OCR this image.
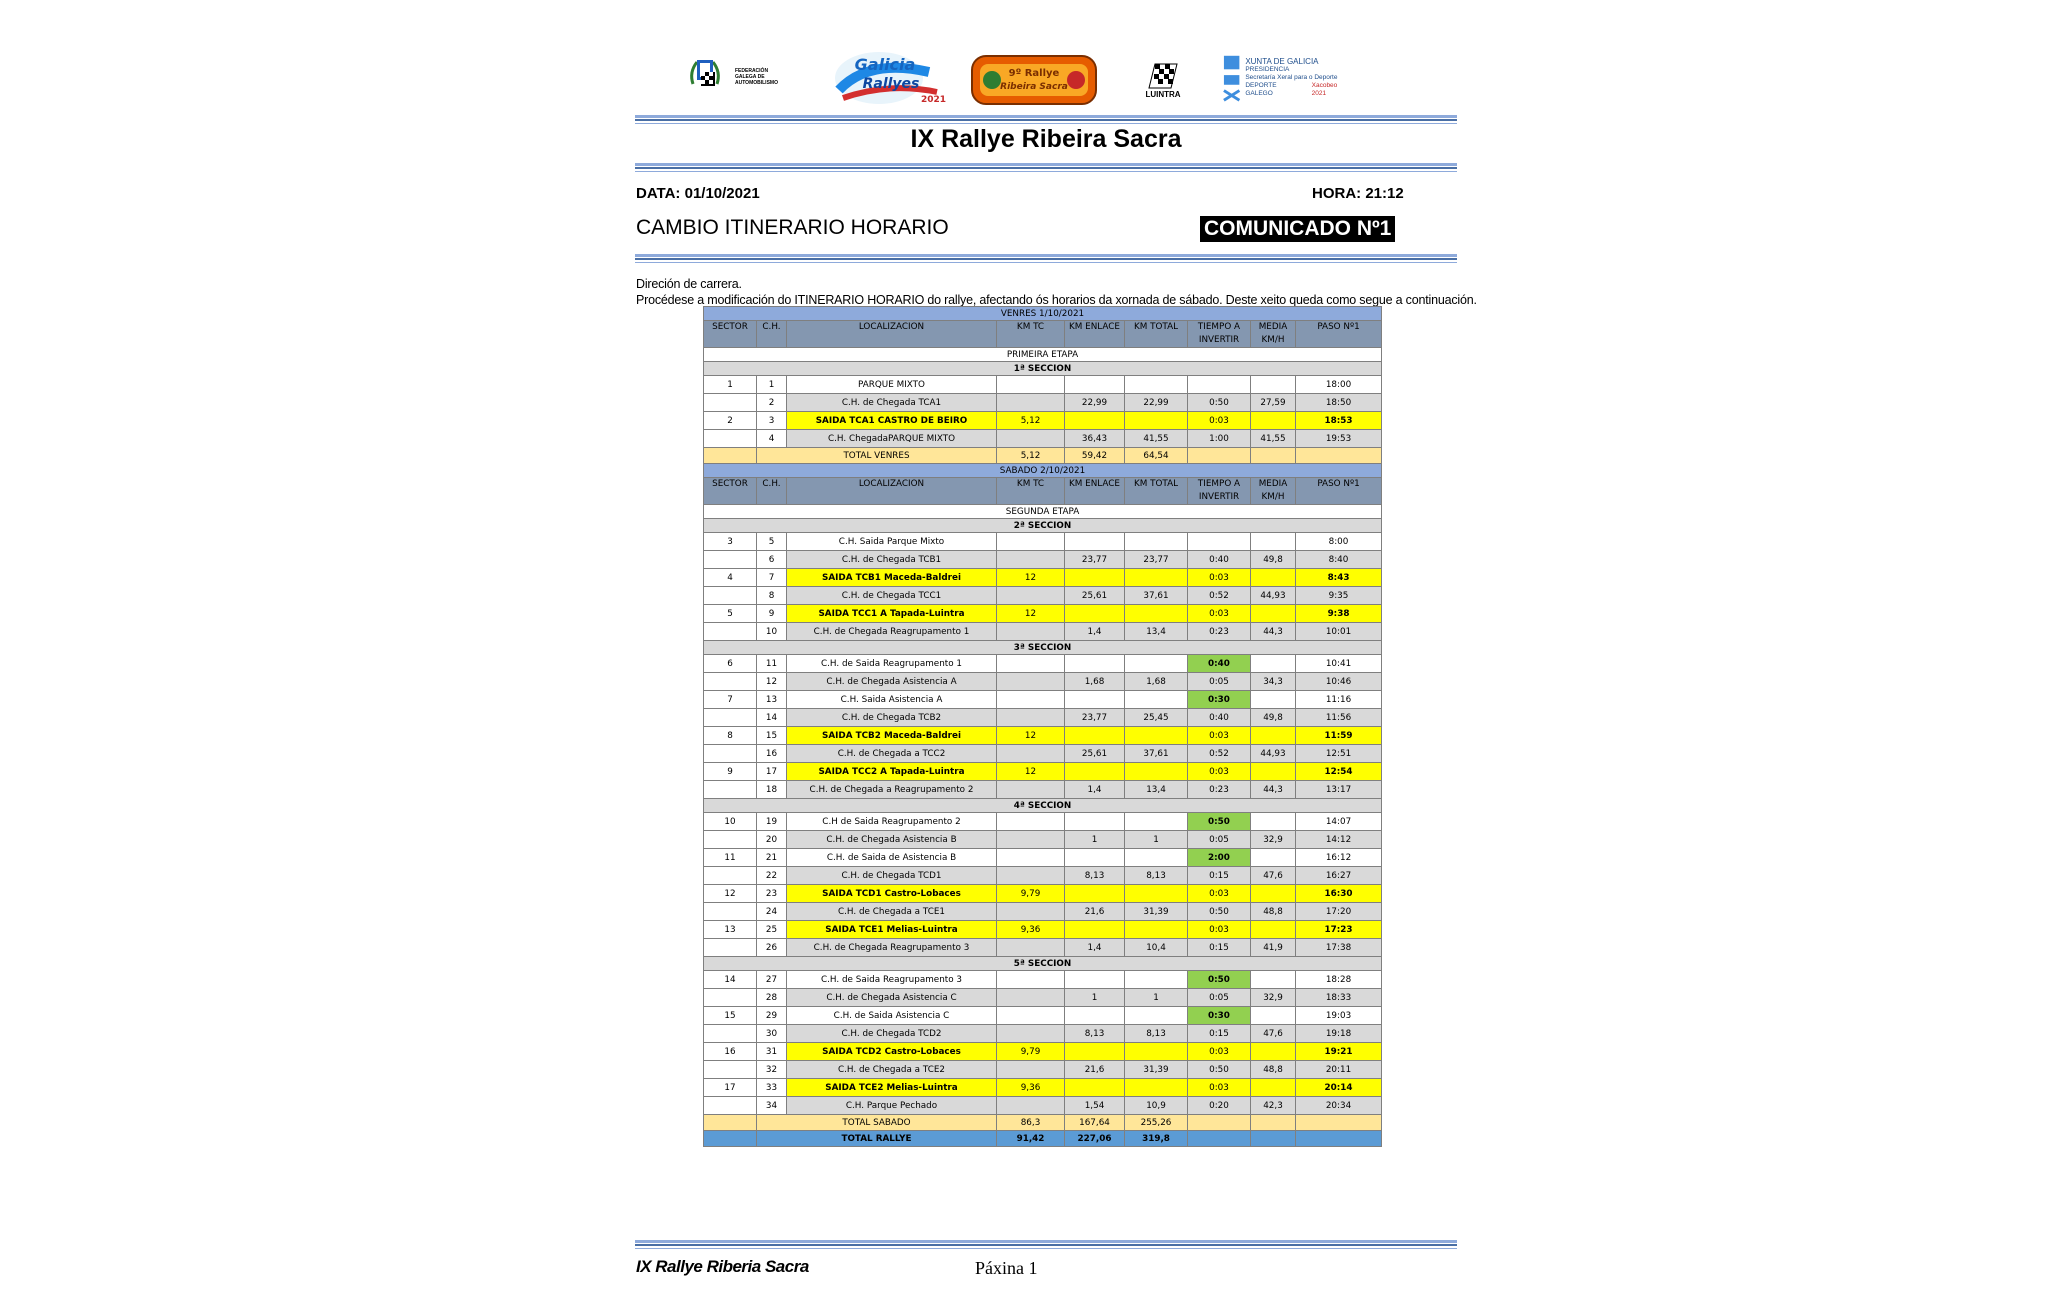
FEDERACIÓN GALEGA DE AUTOMOBILISMO
Galicia
Rallyes
2021
9º Rallye
Ribeira Sacra
LUINTRA
XUNTA DE GALICIA
PRESIDENCIA
Secretaría Xeral para o Deporte
DEPORTE GALEGO
Xacobeo 2021
IX Rallye Ribeira Sacra
DATA: 01/10/2021	HORA: 21:12
CAMBIO ITINERARIO HORARIO	COMUNICADO Nº1
Direción de carrera.
Procédese a modificación do ITINERARIO HORARIO do rallye, afectando ós horarios da xornada de sábado. Deste xeito queda como segue a continuación.
VENRES 1/10/2021								
SECTOR	C.H.	LOCALIZACION	KM TC	KM ENLACE	KM TOTAL	TIEMPO A INVERTIR	MEDIA KM/H	PASO Nº1
PRIMEIRA ETAPA								
1ª SECCION								
1	1	PARQUE MIXTO						18:00
	2	C.H. de Chegada TCA1		22,99	22,99	0:50	27,59	18:50
2	3	SAIDA TCA1 CASTRO DE BEIRO	5,12			0:03		18:53
	4	C.H. ChegadaPARQUE MIXTO		36,43	41,55	1:00	41,55	19:53
	TOTAL VENRES		5,12	59,42	64,54			
SABADO 2/10/2021								
SECTOR	C.H.	LOCALIZACION	KM TC	KM ENLACE	KM TOTAL	TIEMPO A INVERTIR	MEDIA KM/H	PASO Nº1
SEGUNDA ETAPA								
2ª SECCION								
3	5	C.H. Saida Parque Mixto						8:00
	6	C.H. de Chegada TCB1		23,77	23,77	0:40	49,8	8:40
4	7	SAIDA TCB1 Maceda-Baldrei	12			0:03		8:43
	8	C.H. de Chegada TCC1		25,61	37,61	0:52	44,93	9:35
5	9	SAIDA TCC1 A Tapada-Luintra	12			0:03		9:38
	10	C.H. de Chegada Reagrupamento 1		1,4	13,4	0:23	44,3	10:01
3ª SECCION								
6	11	C.H. de Saida Reagrupamento 1				0:40		10:41
	12	C.H. de Chegada Asistencia A		1,68	1,68	0:05	34,3	10:46
7	13	C.H. Saida Asistencia A				0:30		11:16
	14	C.H. de Chegada TCB2		23,77	25,45	0:40	49,8	11:56
8	15	SAIDA TCB2 Maceda-Baldrei	12			0:03		11:59
	16	C.H. de Chegada a TCC2		25,61	37,61	0:52	44,93	12:51
9	17	SAIDA TCC2 A Tapada-Luintra	12			0:03		12:54
	18	C.H. de Chegada a Reagrupamento 2		1,4	13,4	0:23	44,3	13:17
4ª SECCION								
10	19	C.H de Saida Reagrupamento 2				0:50		14:07
	20	C.H. de Chegada Asistencia B		1	1	0:05	32,9	14:12
11	21	C.H. de Saida de Asistencia B				2:00		16:12
	22	C.H. de Chegada TCD1		8,13	8,13	0:15	47,6	16:27
12	23	SAIDA TCD1 Castro-Lobaces	9,79			0:03		16:30
	24	C.H. de Chegada a TCE1		21,6	31,39	0:50	48,8	17:20
13	25	SAIDA TCE1 Melias-Luintra	9,36			0:03		17:23
	26	C.H. de Chegada Reagrupamento 3		1,4	10,4	0:15	41,9	17:38
5ª SECCION								
14	27	C.H. de Saida Reagrupamento 3				0:50		18:28
	28	C.H. de Chegada Asistencia C		1	1	0:05	32,9	18:33
15	29	C.H. de Saida Asistencia C				0:30		19:03
	30	C.H. de Chegada TCD2		8,13	8,13	0:15	47,6	19:18
16	31	SAIDA TCD2 Castro-Lobaces	9,79			0:03		19:21
	32	C.H. de Chegada a TCE2		21,6	31,39	0:50	48,8	20:11
17	33	SAIDA TCE2 Melias-Luintra	9,36			0:03		20:14
	34	C.H. Parque Pechado		1,54	10,9	0:20	42,3	20:34
	TOTAL SABADO		86,3	167,64	255,26			
	TOTAL RALLYE		91,42	227,06	319,8			
IX Rallye Riberia Sacra	Páxina 1
